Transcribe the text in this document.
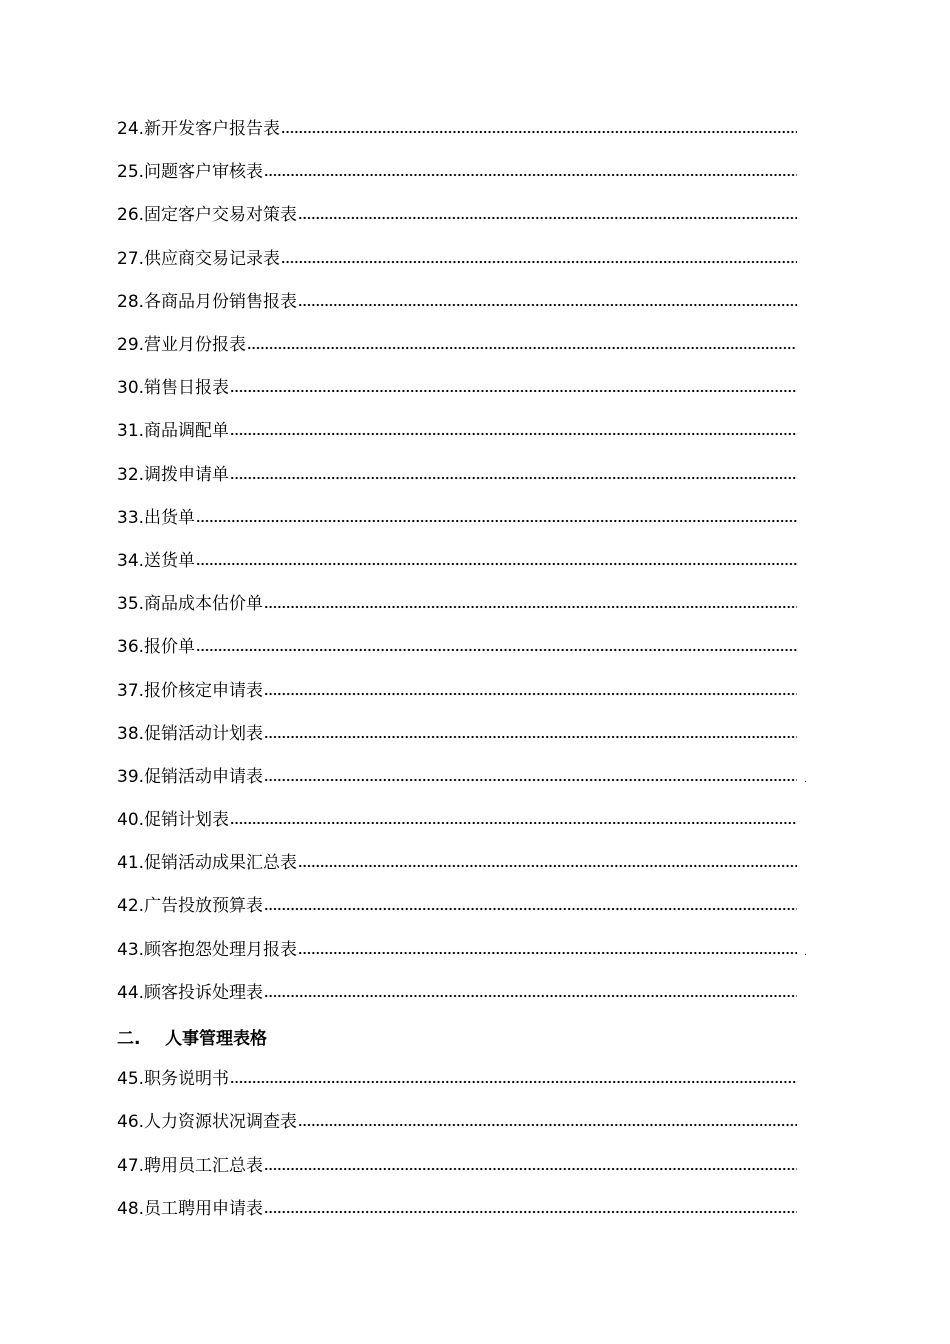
24. 新开发客户报告表
25. 问题客户审核表
26. 固定客户交易对策表
27. 供应商交易记录表
28. 各商品月份销售报表
29. 营业月份报表
30. 销售日报表
31. 商品调配单
32. 调拨申请单
33. 出货单
34. 送货单
35. 商品成本估价单
36. 报价单
37. 报价核定申请表
38. 促销活动计划表
39. 促销活动申请表	.
40. 促销计划表
41. 促销活动成果汇总表
42. 广告投放预算表
43. 顾客抱怨处理月报表	.
44. 顾客投诉处理表
二.	人事管理表格
45. 职务说明书
46. 人力资源状况调查表
47. 聘用员工汇总表
48. 员工聘用申请表
